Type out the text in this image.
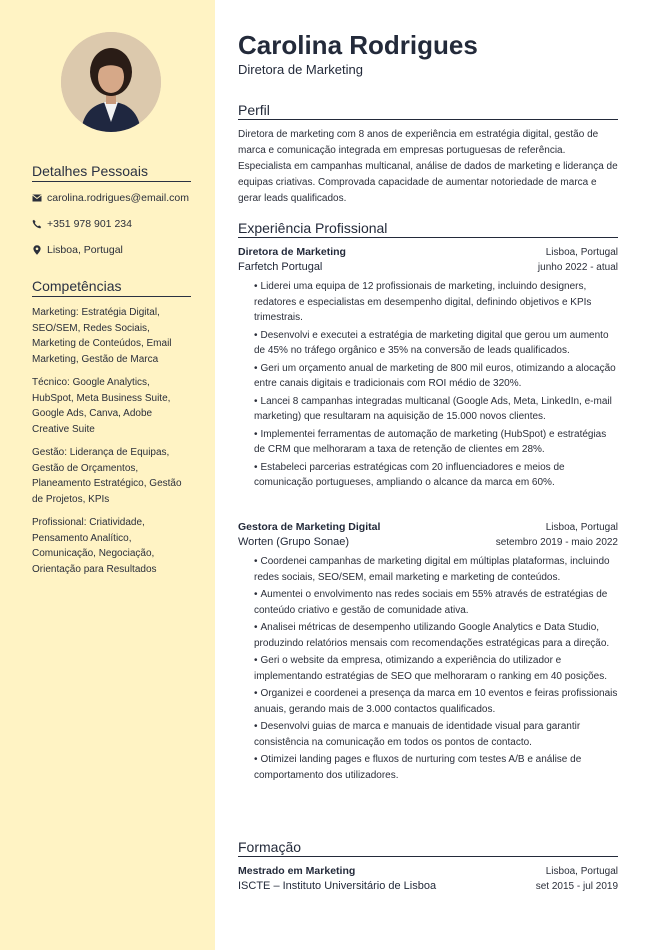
Detalhes Pessoais
carolina.rodrigues@email.com
+351 978 901 234
Lisboa, Portugal
Competências
Marketing: Estratégia Digital, SEO/SEM, Redes Sociais, Marketing de Conteúdos, Email Marketing, Gestão de Marca
Técnico: Google Analytics, HubSpot, Meta Business Suite, Google Ads, Canva, Adobe Creative Suite
Gestão: Liderança de Equipas, Gestão de Orçamentos, Planeamento Estratégico, Gestão de Projetos, KPIs
Profissional: Criatividade, Pensamento Analítico, Comunicação, Negociação, Orientação para Resultados
Carolina Rodrigues
Diretora de Marketing
Perfil
Diretora de marketing com 8 anos de experiência em estratégia digital, gestão de marca e comunicação integrada em empresas portuguesas de referência. Especialista em campanhas multicanal, análise de dados de marketing e liderança de equipas criativas. Comprovada capacidade de aumentar notoriedade de marca e gerar leads qualificados.
Experiência Profissional
Diretora de Marketing
Farfetch Portugal
Lisboa, Portugal
junho 2022 - atual
• Liderei uma equipa de 12 profissionais de marketing, incluindo designers, redatores e especialistas em desempenho digital, definindo objetivos e KPIs trimestrais.
• Desenvolvi e executei a estratégia de marketing digital que gerou um aumento de 45% no tráfego orgânico e 35% na conversão de leads qualificados.
• Geri um orçamento anual de marketing de 800 mil euros, otimizando a alocação entre canais digitais e tradicionais com ROI médio de 320%.
• Lancei 8 campanhas integradas multicanal (Google Ads, Meta, LinkedIn, e-mail marketing) que resultaram na aquisição de 15.000 novos clientes.
• Implementei ferramentas de automação de marketing (HubSpot) e estratégias de CRM que melhoraram a taxa de retenção de clientes em 28%.
• Estabeleci parcerias estratégicas com 20 influenciadores e meios de comunicação portugueses, ampliando o alcance da marca em 60%.
Gestora de Marketing Digital
Worten (Grupo Sonae)
Lisboa, Portugal
setembro 2019 - maio 2022
• Coordenei campanhas de marketing digital em múltiplas plataformas, incluindo redes sociais, SEO/SEM, email marketing e marketing de conteúdos.
• Aumentei o envolvimento nas redes sociais em 55% através de estratégias de conteúdo criativo e gestão de comunidade ativa.
• Analisei métricas de desempenho utilizando Google Analytics e Data Studio, produzindo relatórios mensais com recomendações estratégicas para a direção.
• Geri o website da empresa, otimizando a experiência do utilizador e implementando estratégias de SEO que melhoraram o ranking em 40 posições.
• Organizei e coordenei a presença da marca em 10 eventos e feiras profissionais anuais, gerando mais de 3.000 contactos qualificados.
• Desenvolvi guias de marca e manuais de identidade visual para garantir consistência na comunicação em todos os pontos de contacto.
• Otimizei landing pages e fluxos de nurturing com testes A/B e análise de comportamento dos utilizadores.
Formação
Mestrado em Marketing
ISCTE – Instituto Universitário de Lisboa
Lisboa, Portugal
set 2015 - jul 2019
